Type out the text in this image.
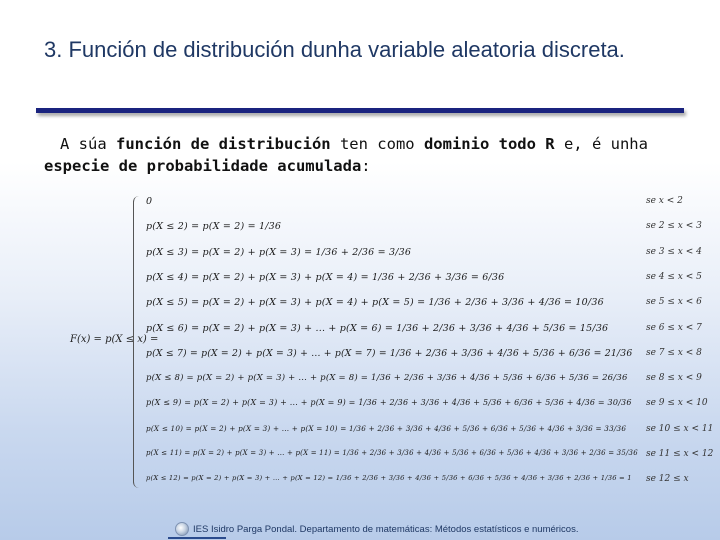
3. Función de distribución dunha variable aleatoria discreta.
A súa función de distribución ten como dominio todo R e, é unha especie de probabilidade acumulada:
F(x) = p(X ≤ x) =
0	se x < 2
p(X ≤ 2) = p(X = 2) = 1/36	se 2 ≤ x < 3
p(X ≤ 3) = p(X = 2) + p(X = 3) = 1/36 + 2/36 = 3/36	se 3 ≤ x < 4
p(X ≤ 4) = p(X = 2) + p(X = 3) + p(X = 4) = 1/36 + 2/36 + 3/36 = 6/36	se 4 ≤ x < 5
p(X ≤ 5) = p(X = 2) + p(X = 3) + p(X = 4) + p(X = 5) = 1/36 + 2/36 + 3/36 + 4/36 = 10/36	se 5 ≤ x < 6
p(X ≤ 6) = p(X = 2) + p(X = 3) + ... + p(X = 6) = 1/36 + 2/36 + 3/36 + 4/36 + 5/36 = 15/36	se 6 ≤ x < 7
p(X ≤ 7) = p(X = 2) + p(X = 3) + ... + p(X = 7) = 1/36 + 2/36 + 3/36 + 4/36 + 5/36 + 6/36 = 21/36 se 7 ≤ x < 8
p(X ≤ 8) = p(X = 2) + p(X = 3) + ... + p(X = 8) = 1/36 + 2/36 + 3/36 + 4/36 + 5/36 + 6/36 + 5/36 = 26/36 se 8 ≤ x < 9
p(X ≤ 9) = p(X = 2) + p(X = 3) + ... + p(X = 9) = 1/36 + 2/36 + 3/36 + 4/36 + 5/36 + 6/36 + 5/36 + 4/36 = 30/36 se 9 ≤ x < 10
p(X ≤ 10) = p(X = 2) + p(X = 3) + ... + p(X = 10) = 1/36 + 2/36 + 3/36 + 4/36 + 5/36 + 6/36 + 5/36 + 4/36 + 3/36 = 33/36 se 10 ≤ x < 11
p(X ≤ 11) = p(X = 2) + p(X = 3) + ... + p(X = 11) = 1/36 + 2/36 + 3/36 + 4/36 + 5/36 + 6/36 + 5/36 + 4/36 + 3/36 + 2/36 = 35/36 se 11 ≤ x < 12
p(X ≤ 12) = p(X = 2) + p(X = 3) + ... + p(X = 12) = 1/36 + 2/36 + 3/36 + 4/36 + 5/36 + 6/36 + 5/36 + 4/36 + 3/36 + 2/36 + 1/36 = 1 se 12 ≤ x
IES Isidro Parga Pondal. Departamento de matemáticas: Métodos estatísticos e numéricos.
